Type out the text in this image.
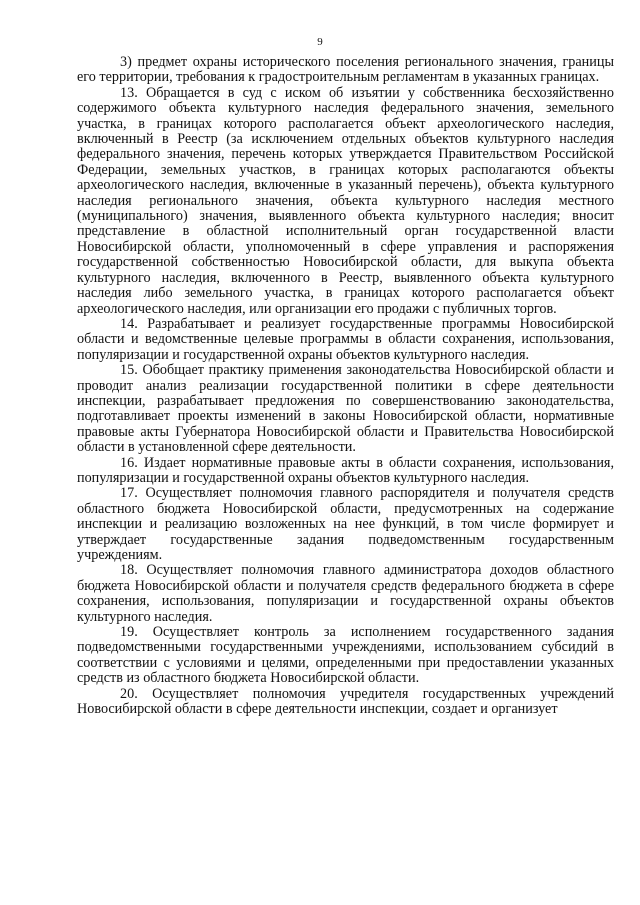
9

3) предмет охраны исторического поселения регионального значения, границы его территории, требования к градостроительным регламентам в указанных границах.

13. Обращается в суд с иском об изъятии у собственника бесхозяйственно содержимого объекта культурного наследия федерального значения, земельного участка, в границах которого располагается объект археологического наследия, включенный в Реестр (за исключением отдельных объектов культурного наследия федерального значения, перечень которых утверждается Правительством Российской Федерации, земельных участков, в границах которых располагаются объекты археологического наследия, включенные в указанный перечень), объекта культурного наследия регионального значения, объекта культурного наследия местного (муниципального) значения, выявленного объекта культурного наследия; вносит представление в областной исполнительный орган государственной власти Новосибирской области, уполномоченный в сфере управления и распоряжения государственной собственностью Новосибирской области, для выкупа объекта культурного наследия, включенного в Реестр, выявленного объекта культурного наследия либо земельного участка, в границах которого располагается объект археологического наследия, или организации его продажи с публичных торгов.

14. Разрабатывает и реализует государственные программы Новосибирской области и ведомственные целевые программы в области сохранения, использования, популяризации и государственной охраны объектов культурного наследия.

15. Обобщает практику применения законодательства Новосибирской области и проводит анализ реализации государственной политики в сфере деятельности инспекции, разрабатывает предложения по совершенствованию законодательства, подготавливает проекты изменений в законы Новосибирской области, нормативные правовые акты Губернатора Новосибирской области и Правительства Новосибирской области в установленной сфере деятельности.

16. Издает нормативные правовые акты в области сохранения, использования, популяризации и государственной охраны объектов культурного наследия.

17. Осуществляет полномочия главного распорядителя и получателя средств областного бюджета Новосибирской области, предусмотренных на содержание инспекции и реализацию возложенных на нее функций, в том числе формирует и утверждает государственные задания подведомственным государственным учреждениям.

18. Осуществляет полномочия главного администратора доходов областного бюджета Новосибирской области и получателя средств федерального бюджета в сфере сохранения, использования, популяризации и государственной охраны объектов культурного наследия.

19. Осуществляет контроль за исполнением государственного задания подведомственными государственными учреждениями, использованием субсидий в соответствии с условиями и целями, определенными при предоставлении указанных средств из областного бюджета Новосибирской области.

20. Осуществляет полномочия учредителя государственных учреждений Новосибирской области в сфере деятельности инспекции, создает и организует
